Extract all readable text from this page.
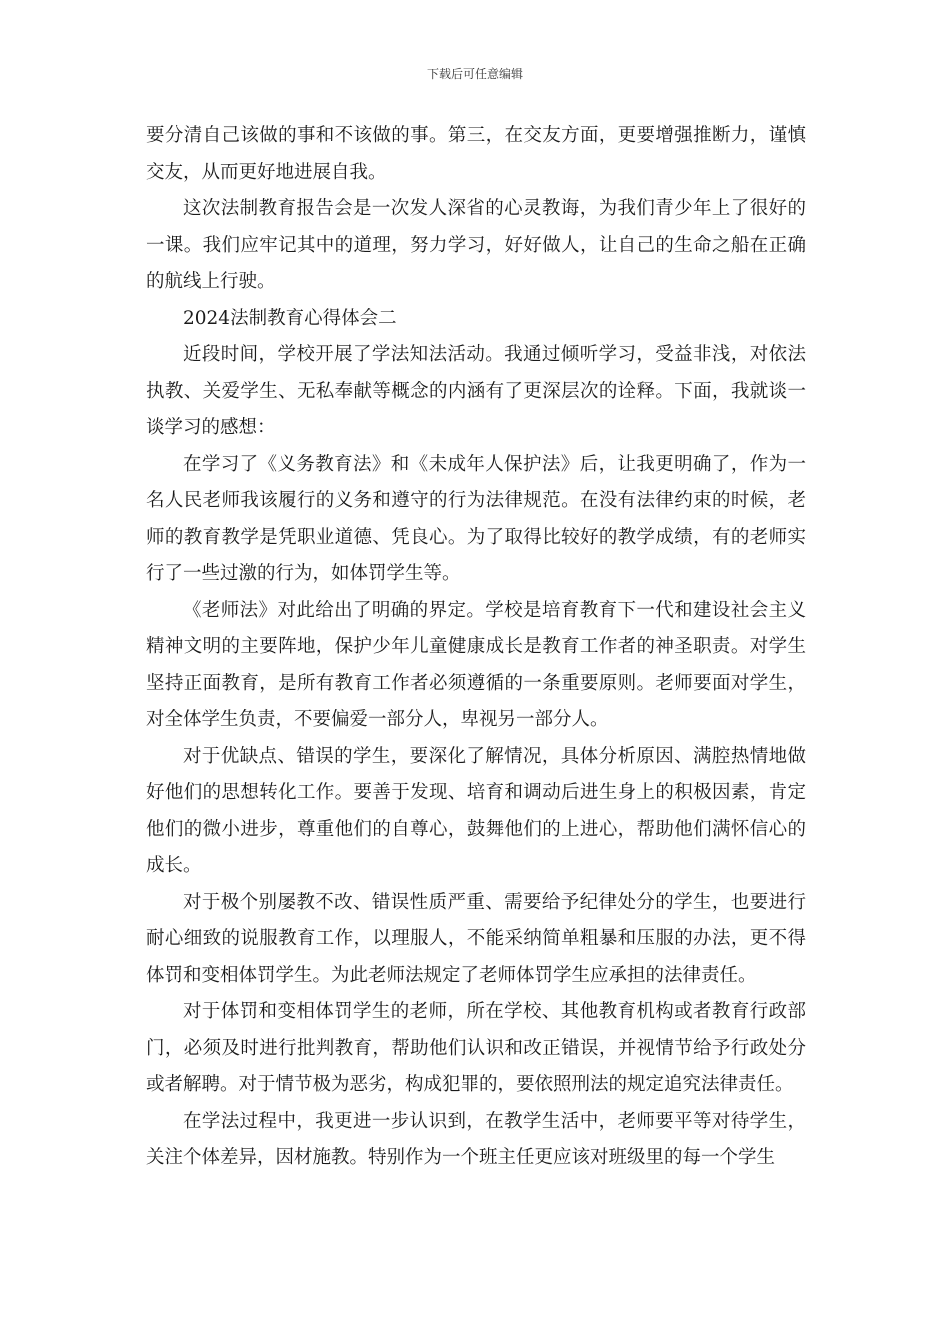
下载后可任意编辑

要分清自己该做的事和不该做的事。第三，在交友方面，更要增强推断力，谨慎交友，从而更好地进展自我。

这次法制教育报告会是一次发人深省的心灵教诲，为我们青少年上了很好的一课。我们应牢记其中的道理，努力学习，好好做人，让自己的生命之船在正确的航线上行驶。

2024法制教育心得体会二

近段时间，学校开展了学法知法活动。我通过倾听学习，受益非浅，对依法执教、关爱学生、无私奉献等概念的内涵有了更深层次的诠释。下面，我就谈一谈学习的感想：

在学习了《义务教育法》和《未成年人保护法》后，让我更明确了，作为一名人民老师我该履行的义务和遵守的行为法律规范。在没有法律约束的时候，老师的教育教学是凭职业道德、凭良心。为了取得比较好的教学成绩，有的老师实行了一些过激的行为，如体罚学生等。

《老师法》对此给出了明确的界定。学校是培育教育下一代和建设社会主义精神文明的主要阵地，保护少年儿童健康成长是教育工作者的神圣职责。对学生坚持正面教育，是所有教育工作者必须遵循的一条重要原则。老师要面对学生，对全体学生负责，不要偏爱一部分人，卑视另一部分人。

对于优缺点、错误的学生，要深化了解情况，具体分析原因、满腔热情地做好他们的思想转化工作。要善于发现、培育和调动后进生身上的积极因素，肯定他们的微小进步，尊重他们的自尊心，鼓舞他们的上进心，帮助他们满怀信心的成长。

对于极个别屡教不改、错误性质严重、需要给予纪律处分的学生，也要进行耐心细致的说服教育工作，以理服人，不能采纳简单粗暴和压服的办法，更不得体罚和变相体罚学生。为此老师法规定了老师体罚学生应承担的法律责任。

对于体罚和变相体罚学生的老师，所在学校、其他教育机构或者教育行政部门，必须及时进行批判教育，帮助他们认识和改正错误，并视情节给予行政处分或者解聘。对于情节极为恶劣，构成犯罪的，要依照刑法的规定追究法律责任。

在学法过程中，我更进一步认识到，在教学生活中，老师要平等对待学生，关注个体差异，因材施教。特别作为一个班主任更应该对班级里的每一个学生
